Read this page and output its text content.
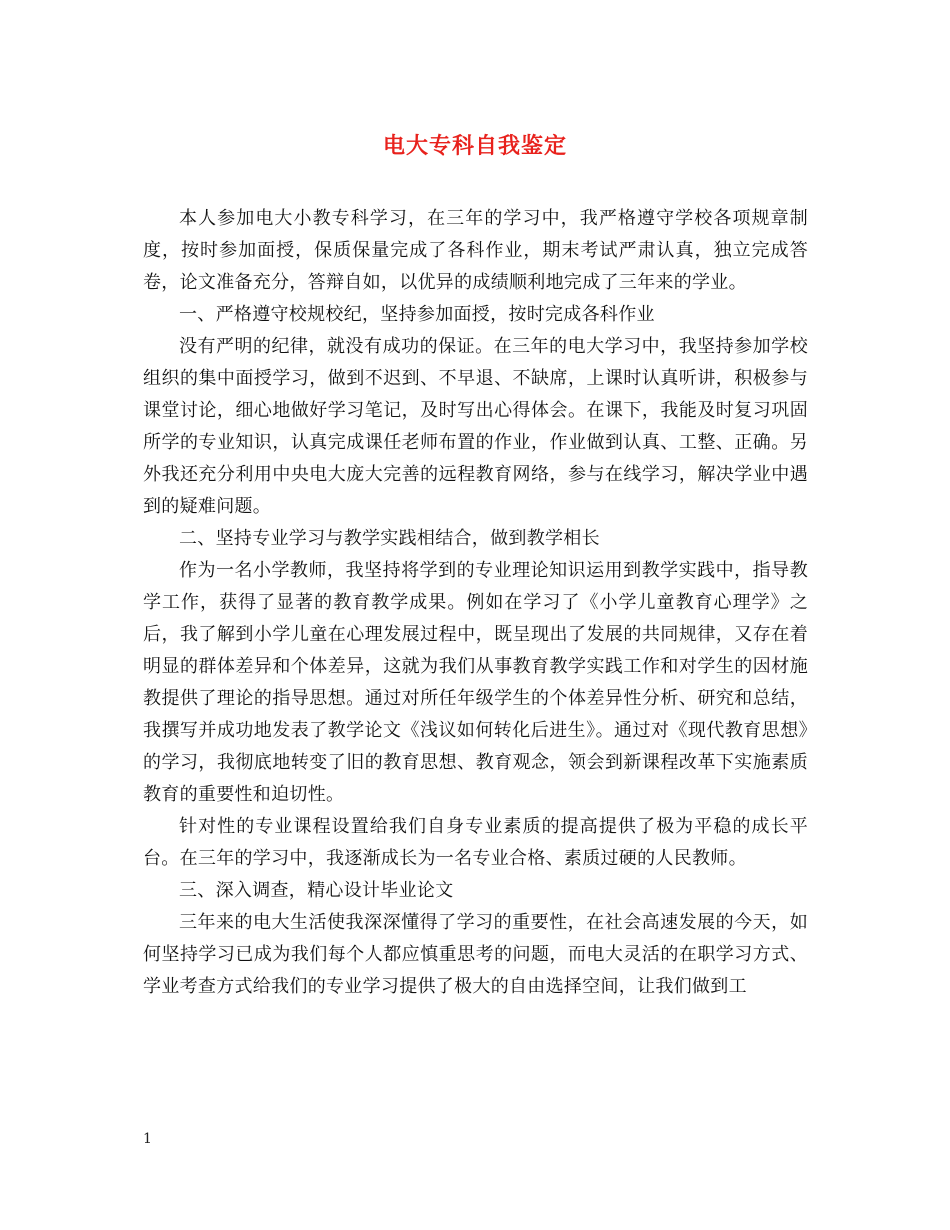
电大专科自我鉴定

本人参加电大小教专科学习，在三年的学习中，我严格遵守学校各项规章制度，按时参加面授，保质保量完成了各科作业，期末考试严肃认真，独立完成答卷，论文准备充分，答辩自如，以优异的成绩顺利地完成了三年来的学业。

一、严格遵守校规校纪，坚持参加面授，按时完成各科作业

没有严明的纪律，就没有成功的保证。在三年的电大学习中，我坚持参加学校组织的集中面授学习，做到不迟到、不早退、不缺席，上课时认真听讲，积极参与课堂讨论，细心地做好学习笔记，及时写出心得体会。在课下，我能及时复习巩固所学的专业知识，认真完成课任老师布置的作业，作业做到认真、工整、正确。另外我还充分利用中央电大庞大完善的远程教育网络，参与在线学习，解决学业中遇到的疑难问题。

二、坚持专业学习与教学实践相结合，做到教学相长

作为一名小学教师，我坚持将学到的专业理论知识运用到教学实践中，指导教学工作，获得了显著的教育教学成果。例如在学习了《小学儿童教育心理学》之后，我了解到小学儿童在心理发展过程中，既呈现出了发展的共同规律，又存在着明显的群体差异和个体差异，这就为我们从事教育教学实践工作和对学生的因材施教提供了理论的指导思想。通过对所任年级学生的个体差异性分析、研究和总结，我撰写并成功地发表了教学论文《浅议如何转化后进生》。通过对《现代教育思想》的学习，我彻底地转变了旧的教育思想、教育观念，领会到新课程改革下实施素质教育的重要性和迫切性。

针对性的专业课程设置给我们自身专业素质的提高提供了极为平稳的成长平台。在三年的学习中，我逐渐成长为一名专业合格、素质过硬的人民教师。

三、深入调查，精心设计毕业论文

三年来的电大生活使我深深懂得了学习的重要性，在社会高速发展的今天，如何坚持学习已成为我们每个人都应慎重思考的问题，而电大灵活的在职学习方式、学业考查方式给我们的专业学习提供了极大的自由选择空间，让我们做到工

1
